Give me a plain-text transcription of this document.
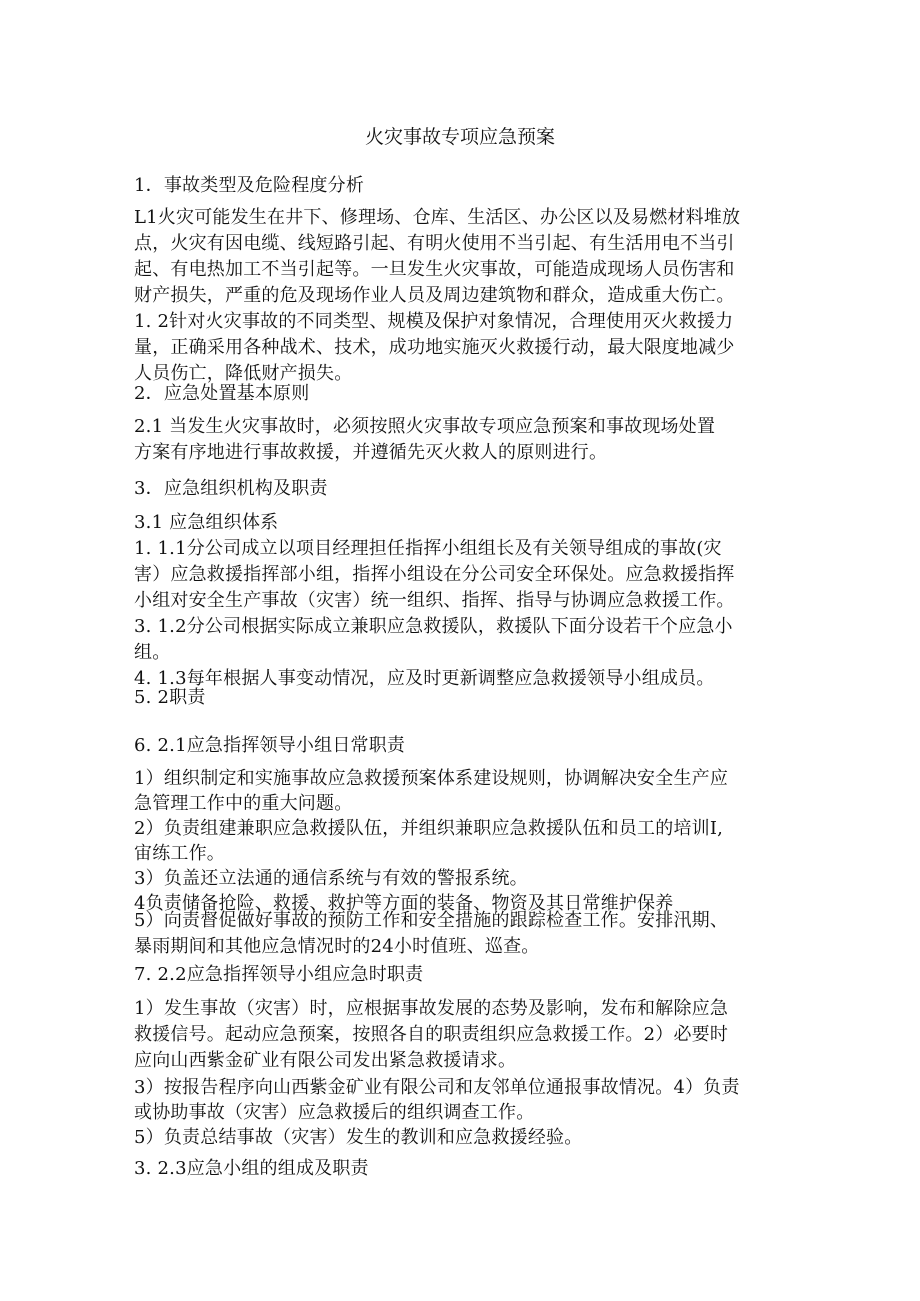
火灾事故专项应急预案
1．事故类型及危险程度分析
L1火灾可能发生在井下、修理场、仓库、生活区、办公区以及易燃材料堆放
点，火灾有因电缆、线短路引起、有明火使用不当引起、有生活用电不当引
起、有电热加工不当引起等。一旦发生火灾事故，可能造成现场人员伤害和
财产损失，严重的危及现场作业人员及周边建筑物和群众，造成重大伤亡。
1. 2针对火灾事故的不同类型、规模及保护对象情况，合理使用灭火救援力
量，正确采用各种战术、技术，成功地实施灭火救援行动，最大限度地减少
人员伤亡，降低财产损失。
2．应急处置基本原则
2.1 当发生火灾事故时，必须按照火灾事故专项应急预案和事故现场处置
方案有序地进行事故救援，并遵循先灭火救人的原则进行。
3．应急组织机构及职责
3.1 应急组织体系
1. 1.1分公司成立以项目经理担任指挥小组组长及有关领导组成的事故(灾
害）应急救援指挥部小组，指挥小组设在分公司安全环保处。应急救援指挥
小组对安全生产事故（灾害）统一组织、指挥、指导与协调应急救援工作。
3. 1.2分公司根据实际成立兼职应急救援队，救援队下面分设若干个应急小
组。
4. 1.3每年根据人事变动情况，应及时更新调整应急救援领导小组成员。
5. 2职责
6. 2.1应急指挥领导小组日常职责
1）组织制定和实施事故应急救援预案体系建设规则，协调解决安全生产应
急管理工作中的重大问题。
2）负责组建兼职应急救援队伍，并组织兼职应急救援队伍和员工的培训I,
宙练工作。
3）负盖还立法通的通信系统与有效的警报系统。
4负责储备抢险、救援、救护等方面的装备、物资及其日常维护保养
5）向责督促做好事故的预防工作和安全措施的跟踪检查工作。安排汛期、
暴雨期间和其他应急情况时的24小时值班、巡查。
7. 2.2应急指挥领导小组应急时职责
1）发生事故（灾害）时，应根据事故发展的态势及影响，发布和解除应急
救援信号。起动应急预案，按照各自的职责组织应急救援工作。2）必要时
应向山西紫金矿业有限公司发出紧急救援请求。
3）按报告程序向山西紫金矿业有限公司和友邻单位通报事故情况。4）负责
或协助事故（灾害）应急救援后的组织调查工作。
5）负责总结事故（灾害）发生的教训和应急救援经验。
3. 2.3应急小组的组成及职责
